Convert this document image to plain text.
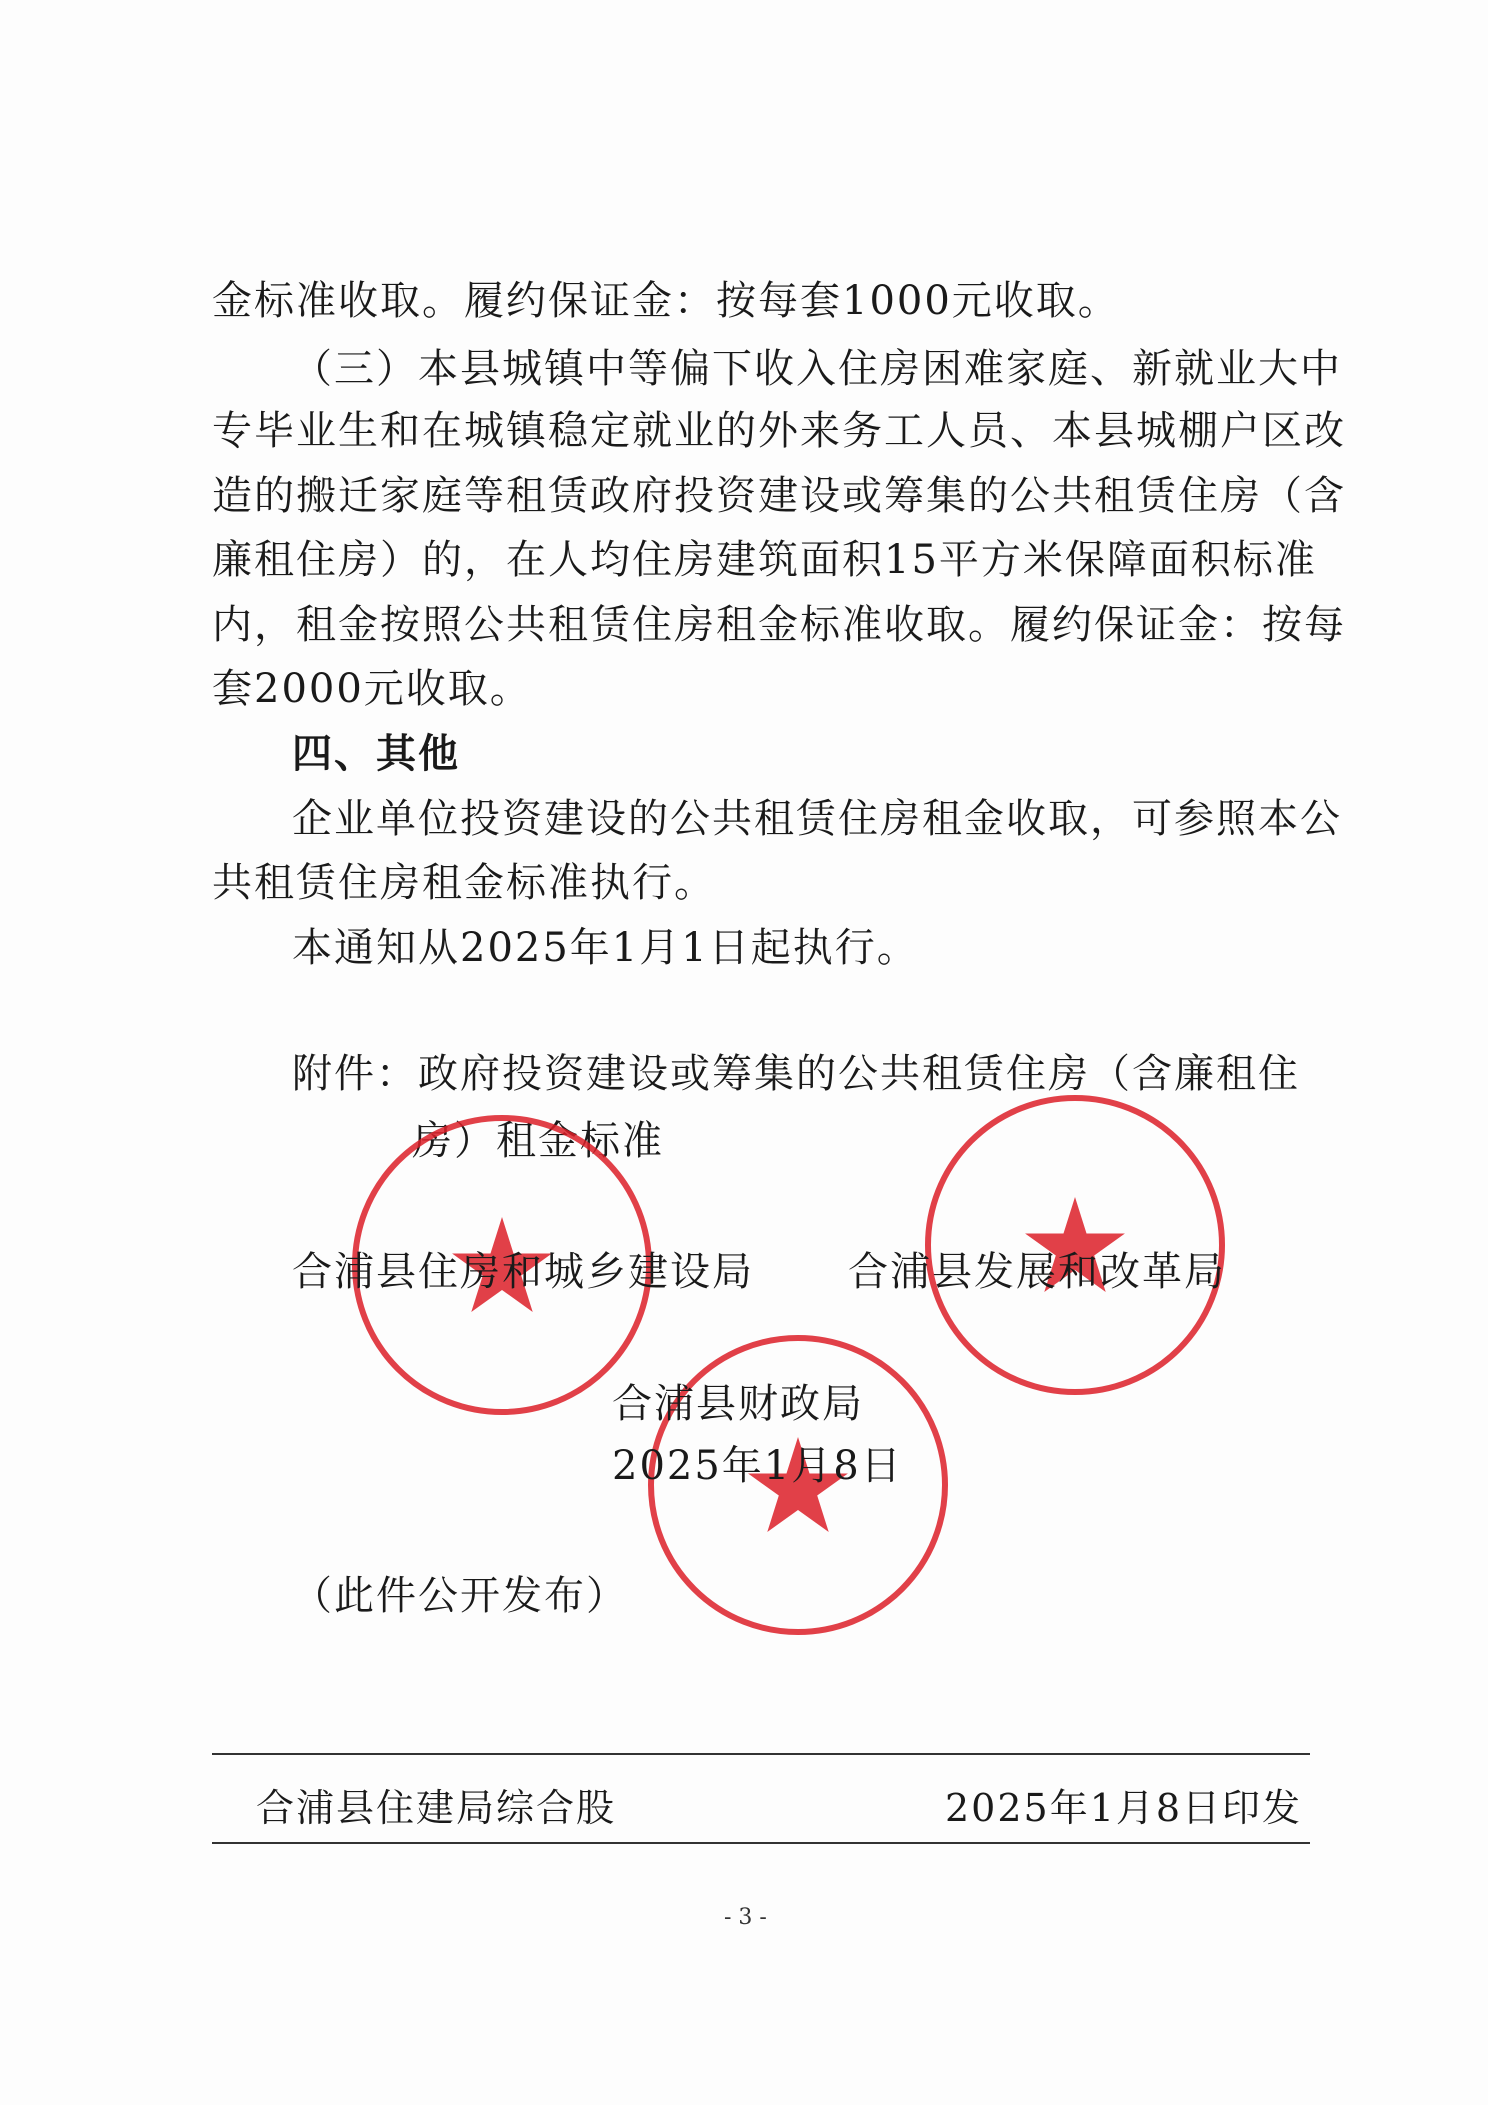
金标准收取。履约保证金：按每套1000元收取。
（三）本县城镇中等偏下收入住房困难家庭、新就业大中
专毕业生和在城镇稳定就业的外来务工人员、本县城棚户区改
造的搬迁家庭等租赁政府投资建设或筹集的公共租赁住房（含
廉租住房）的，在人均住房建筑面积15平方米保障面积标准
内，租金按照公共租赁住房租金标准收取。履约保证金：按每
套2000元收取。
四、其他
企业单位投资建设的公共租赁住房租金收取，可参照本公
共租赁住房租金标准执行。
本通知从2025年1月1日起执行。
附件：政府投资建设或筹集的公共租赁住房（含廉租住
房）租金标准
合浦县住房和城乡建设局 合浦县发展和改革局
合浦县财政局
2025年1月8日
（此件公开发布）
合浦县住建局综合股	2025年1月8日印发
- 3 -
